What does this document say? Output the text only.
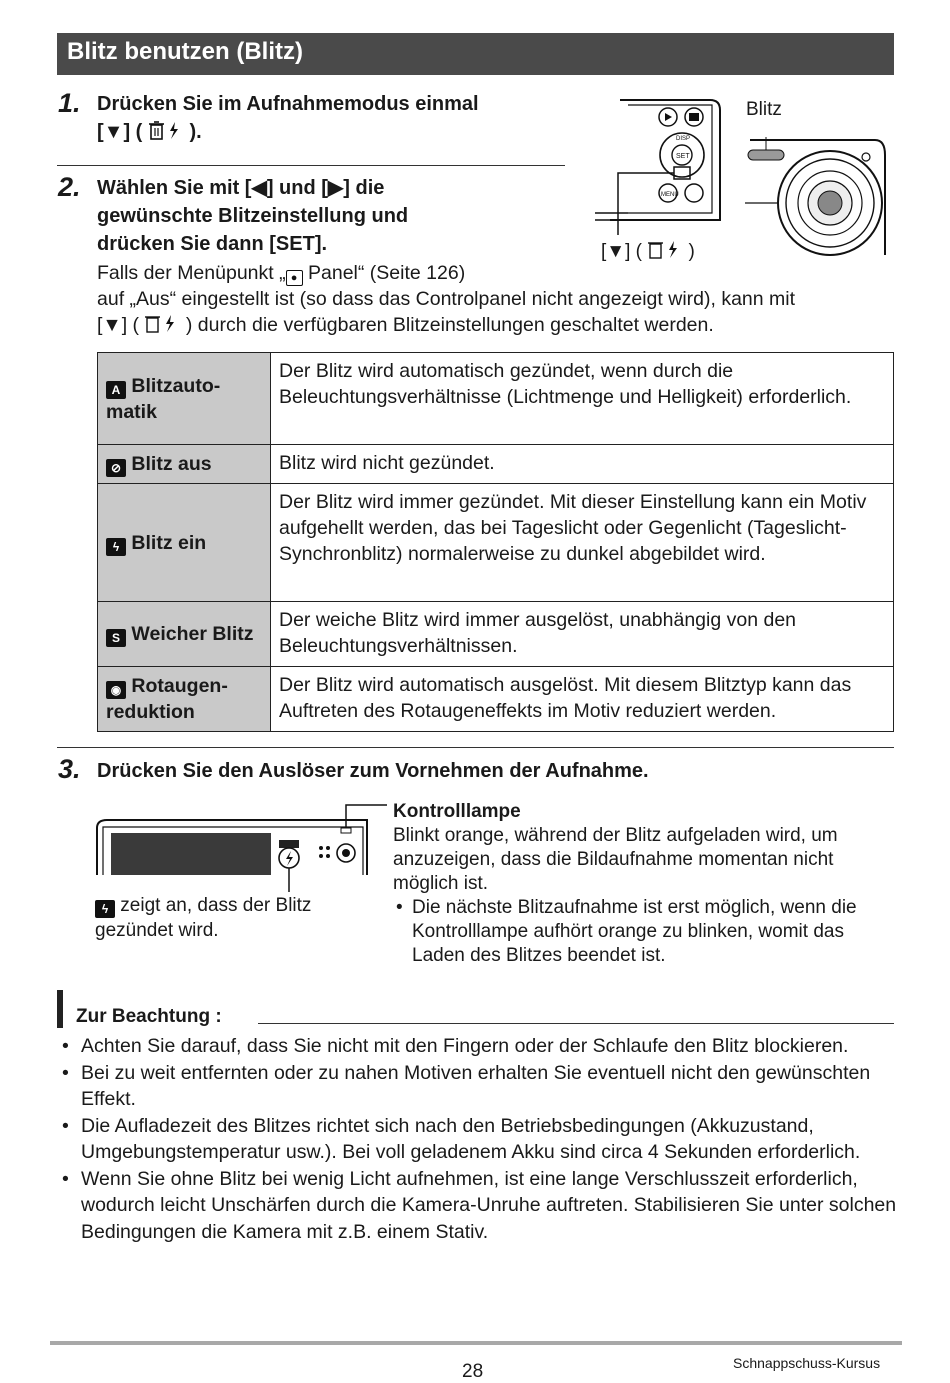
Blitz benutzen (Blitz)
1. Drücken Sie im Aufnahmemodus einmal
[▼] ( ).
SET
DISP
MENU
Blitz
[▼] ( )
2. Wählen Sie mit [◀] und [▶] die
gewünschte Blitzeinstellung und
drücken Sie dann [SET].
Falls der Menüpunkt „ ● Panel“ (Seite 126)
auf „Aus“ eingestellt ist (so dass das Controlpanel nicht angezeigt wird), kann mit
[▼] ( ) durch die verfügbaren Blitzeinstellungen geschaltet werden.
A Blitzauto-matik	Der Blitz wird automatisch gezündet, wenn durch die Beleuchtungsverhältnisse (Lichtmenge und Helligkeit) erforderlich.
⊘ Blitz aus	Blitz wird nicht gezündet.
ϟ Blitz ein	Der Blitz wird immer gezündet. Mit dieser Einstellung kann ein Motiv aufgehellt werden, das bei Tageslicht oder Gegenlicht (Tageslicht-Synchronblitz) normalerweise zu dunkel abgebildet wird.
S Weicher Blitz	Der weiche Blitz wird immer ausgelöst, unabhängig von den Beleuchtungsverhältnissen.
◉ Rotaugen-reduktion	Der Blitz wird automatisch ausgelöst. Mit diesem Blitztyp kann das Auftreten des Rotaugeneffekts im Motiv reduziert werden.
3. Drücken Sie den Auslöser zum Vornehmen der Aufnahme.
ϟ zeigt an, dass der Blitz
gezündet wird.
Kontrolllampe
Blinkt orange, während der Blitz aufgeladen wird, um anzuzeigen, dass die Bildaufnahme momentan nicht möglich ist.
• Die nächste Blitzaufnahme ist erst möglich, wenn die Kontrolllampe aufhört orange zu blinken, womit das Laden des Blitzes beendet ist.
Zur Beachtung :
• Achten Sie darauf, dass Sie nicht mit den Fingern oder der Schlaufe den Blitz blockieren.
• Bei zu weit entfernten oder zu nahen Motiven erhalten Sie eventuell nicht den gewünschten Effekt.
• Die Aufladezeit des Blitzes richtet sich nach den Betriebsbedingungen (Akkuzustand, Umgebungstemperatur usw.). Bei voll geladenem Akku sind circa 4 Sekunden erforderlich.
• Wenn Sie ohne Blitz bei wenig Licht aufnehmen, ist eine lange Verschlusszeit erforderlich, wodurch leicht Unschärfen durch die Kamera-Unruhe auftreten. Stabilisieren Sie unter solchen Bedingungen die Kamera mit z.B. einem Stativ.
28	Schnappschuss-Kursus
